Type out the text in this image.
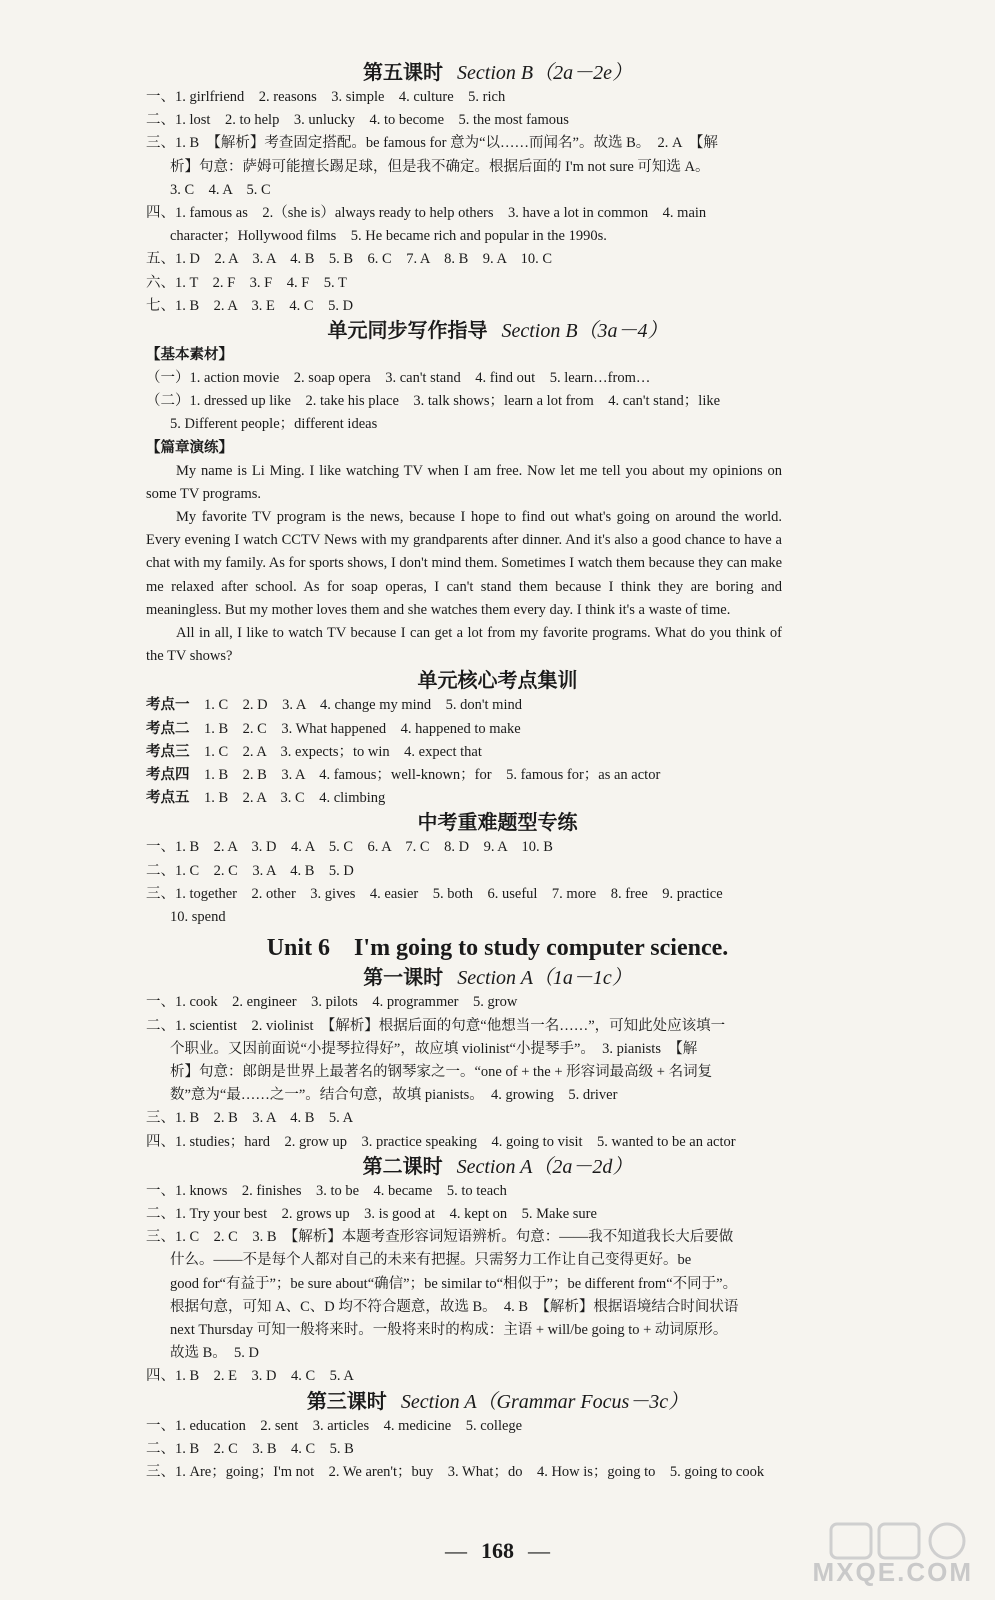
第五课时 Section B（2a－2e）

一、1. girlfriend　2. reasons　3. simple　4. culture　5. rich
二、1. lost　2. to help　3. unlucky　4. to become　5. the most famous
三、1. B　【解析】考查固定搭配。be famous for 意为“以……而闻名”。故选 B。　2. A　【解
析】句意：萨姆可能擅长踢足球，但是我不确定。根据后面的 I'm not sure 可知选 A。
3. C　4. A　5. C
四、1. famous as　2.（she is）always ready to help others　3. have a lot in common　4. main
character；Hollywood films　5. He became rich and popular in the 1990s.
五、1. D　2. A　3. A　4. B　5. B　6. C　7. A　8. B　9. A　10. C
六、1. T　2. F　3. F　4. F　5. T
七、1. B　2. A　3. E　4. C　5. D

单元同步写作指导 Section B（3a－4）

【基本素材】
（一）1. action movie　2. soap opera　3. can't stand　4. find out　5. learn…from…
（二）1. dressed up like　2. take his place　3. talk shows；learn a lot from　4. can't stand；like
5. Different people；different ideas
【篇章演练】

My name is Li Ming. I like watching TV when I am free. Now let me tell you about my opinions on some TV programs.

My favorite TV program is the news, because I hope to find out what's going on around the world. Every evening I watch CCTV News with my grandparents after dinner. And it's also a good chance to have a chat with my family. As for sports shows, I don't mind them. Sometimes I watch them because they can make me relaxed after school. As for soap operas, I can't stand them because I think they are boring and meaningless. But my mother loves them and she watches them every day. I think it's a waste of time.

All in all, I like to watch TV because I can get a lot from my favorite programs. What do you think of the TV shows?

单元核心考点集训

考点一 1. C　2. D　3. A　4. change my mind　5. don't mind
考点二 1. B　2. C　3. What happened　4. happened to make
考点三 1. C　2. A　3. expects；to win　4. expect that
考点四 1. B　2. B　3. A　4. famous；well-known；for　5. famous for；as an actor
考点五 1. B　2. A　3. C　4. climbing

中考重难题型专练

一、1. B　2. A　3. D　4. A　5. C　6. A　7. C　8. D　9. A　10. B
二、1. C　2. C　3. A　4. B　5. D
三、1. together　2. other　3. gives　4. easier　5. both　6. useful　7. more　8. free　9. practice
10. spend

Unit 6　I'm going to study computer science.

第一课时 Section A（1a－1c）

一、1. cook　2. engineer　3. pilots　4. programmer　5. grow
二、1. scientist　2. violinist　【解析】根据后面的句意“他想当一名……”，可知此处应该填一
个职业。又因前面说“小提琴拉得好”，故应填 violinist“小提琴手”。　3. pianists　【解
析】句意：郎朗是世界上最著名的钢琴家之一。“one of + the + 形容词最高级 + 名词复
数”意为“最……之一”。结合句意，故填 pianists。　4. growing　5. driver
三、1. B　2. B　3. A　4. B　5. A
四、1. studies；hard　2. grow up　3. practice speaking　4. going to visit　5. wanted to be an actor

第二课时 Section A（2a－2d）

一、1. knows　2. finishes　3. to be　4. became　5. to teach
二、1. Try your best　2. grows up　3. is good at　4. kept on　5. Make sure
三、1. C　2. C　3. B　【解析】本题考查形容词短语辨析。句意：——我不知道我长大后要做
什么。——不是每个人都对自己的未来有把握。只需努力工作让自己变得更好。be
good for“有益于”；be sure about“确信”；be similar to“相似于”；be different from“不同于”。
根据句意，可知 A、C、D 均不符合题意，故选 B。　4. B　【解析】根据语境结合时间状语
next Thursday 可知一般将来时。一般将来时的构成：主语 + will/be going to + 动词原形。
故选 B。　5. D
四、1. B　2. E　3. D　4. C　5. A

第三课时 Section A（Grammar Focus－3c）

一、1. education　2. sent　3. articles　4. medicine　5. college
二、1. B　2. C　3. B　4. C　5. B
三、1. Are；going；I'm not　2. We aren't；buy　3. What；do　4. How is；going to　5. going to cook
— 168 —
MXQE.COM
